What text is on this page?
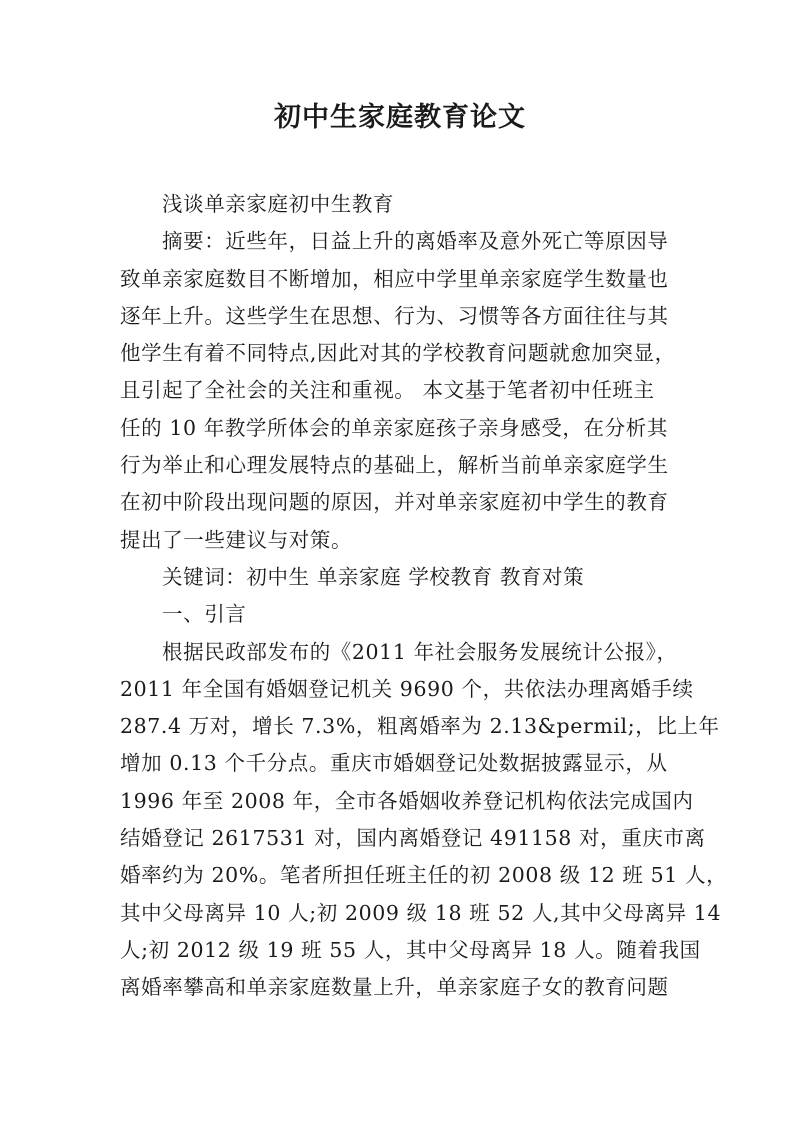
初中生家庭教育论文
浅谈单亲家庭初中生教育
摘要：近些年，日益上升的离婚率及意外死亡等原因导
致单亲家庭数目不断增加，相应中学里单亲家庭学生数量也
逐年上升。这些学生在思想、行为、习惯等各方面往往与其
他学生有着不同特点,因此对其的学校教育问题就愈加突显，
且引起了全社会的关注和重视。 本文基于笔者初中任班主
任的 10 年教学所体会的单亲家庭孩子亲身感受，在分析其
行为举止和心理发展特点的基础上，解析当前单亲家庭学生
在初中阶段出现问题的原因，并对单亲家庭初中学生的教育
提出了一些建议与对策。
关键词：初中生 单亲家庭 学校教育 教育对策
一、引言
根据民政部发布的《2011 年社会服务发展统计公报》，
2011 年全国有婚姻登记机关 9690 个，共依法办理离婚手续
287.4 万对，增长 7.3%，粗离婚率为 2.13&permil;，比上年
增加 0.13 个千分点。重庆市婚姻登记处数据披露显示，从
1996 年至 2008 年，全市各婚姻收养登记机构依法完成国内
结婚登记 2617531 对，国内离婚登记 491158 对，重庆市离
婚率约为 20%。笔者所担任班主任的初 2008 级 12 班 51 人，
其中父母离异 10 人;初 2009 级 18 班 52 人,其中父母离异 14
人;初 2012 级 19 班 55 人，其中父母离异 18 人。随着我国
离婚率攀高和单亲家庭数量上升，单亲家庭子女的教育问题
